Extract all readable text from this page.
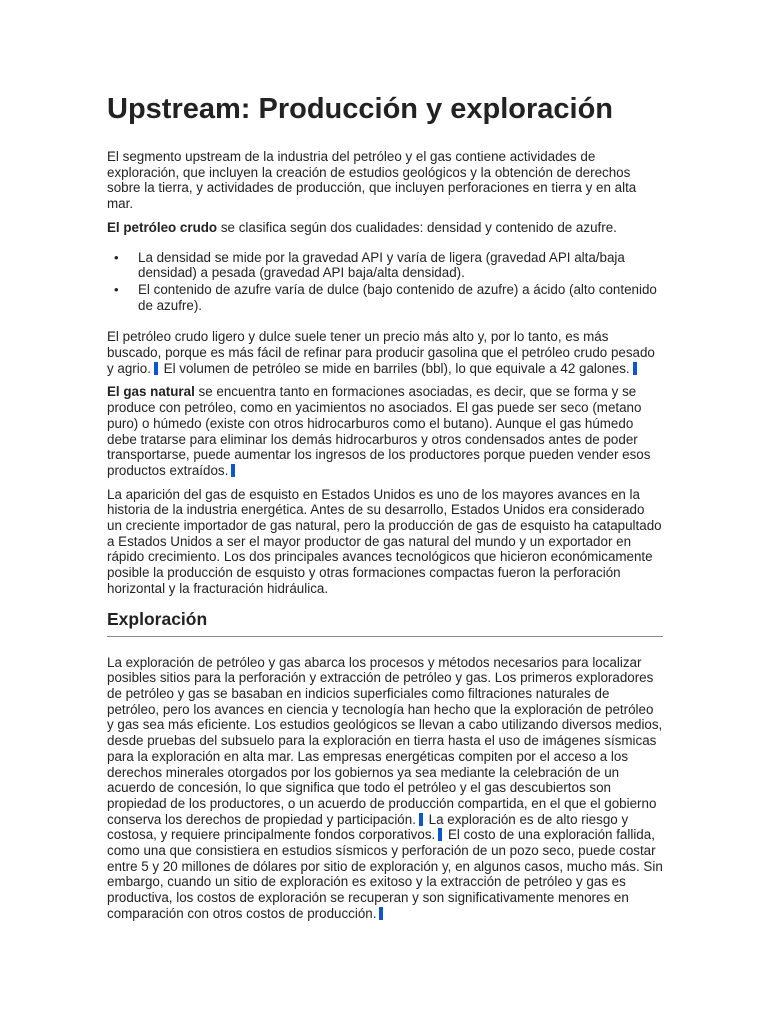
Upstream: Producción y exploración

El segmento upstream de la industria del petróleo y el gas contiene actividades de exploración, que incluyen la creación de estudios geológicos y la obtención de derechos sobre la tierra, y actividades de producción, que incluyen perforaciones en tierra y en alta mar.

El petróleo crudo se clasifica según dos cualidades: densidad y contenido de azufre.

• La densidad se mide por la gravedad API y varía de ligera (gravedad API alta/baja densidad) a pesada (gravedad API baja/alta densidad).
• El contenido de azufre varía de dulce (bajo contenido de azufre) a ácido (alto contenido de azufre).

El petróleo crudo ligero y dulce suele tener un precio más alto y, por lo tanto, es más buscado, porque es más fácil de refinar para producir gasolina que el petróleo crudo pesado y agrio. El volumen de petróleo se mide en barriles (bbl), lo que equivale a 42 galones.

El gas natural se encuentra tanto en formaciones asociadas, es decir, que se forma y se produce con petróleo, como en yacimientos no asociados. El gas puede ser seco (metano puro) o húmedo (existe con otros hidrocarburos como el butano). Aunque el gas húmedo debe tratarse para eliminar los demás hidrocarburos y otros condensados antes de poder transportarse, puede aumentar los ingresos de los productores porque pueden vender esos productos extraídos.

La aparición del gas de esquisto en Estados Unidos es uno de los mayores avances en la historia de la industria energética. Antes de su desarrollo, Estados Unidos era considerado un creciente importador de gas natural, pero la producción de gas de esquisto ha catapultado a Estados Unidos a ser el mayor productor de gas natural del mundo y un exportador en rápido crecimiento. Los dos principales avances tecnológicos que hicieron económicamente posible la producción de esquisto y otras formaciones compactas fueron la perforación horizontal y la fracturación hidráulica.

Exploración

La exploración de petróleo y gas abarca los procesos y métodos necesarios para localizar posibles sitios para la perforación y extracción de petróleo y gas. Los primeros exploradores de petróleo y gas se basaban en indicios superficiales como filtraciones naturales de petróleo, pero los avances en ciencia y tecnología han hecho que la exploración de petróleo y gas sea más eficiente. Los estudios geológicos se llevan a cabo utilizando diversos medios, desde pruebas del subsuelo para la exploración en tierra hasta el uso de imágenes sísmicas para la exploración en alta mar. Las empresas energéticas compiten por el acceso a los derechos minerales otorgados por los gobiernos ya sea mediante la celebración de un acuerdo de concesión, lo que significa que todo el petróleo y el gas descubiertos son propiedad de los productores, o un acuerdo de producción compartida, en el que el gobierno conserva los derechos de propiedad y participación. La exploración es de alto riesgo y costosa, y requiere principalmente fondos corporativos. El costo de una exploración fallida, como una que consistiera en estudios sísmicos y perforación de un pozo seco, puede costar entre 5 y 20 millones de dólares por sitio de exploración y, en algunos casos, mucho más. Sin embargo, cuando un sitio de exploración es exitoso y la extracción de petróleo y gas es productiva, los costos de exploración se recuperan y son significativamente menores en comparación con otros costos de producción.
